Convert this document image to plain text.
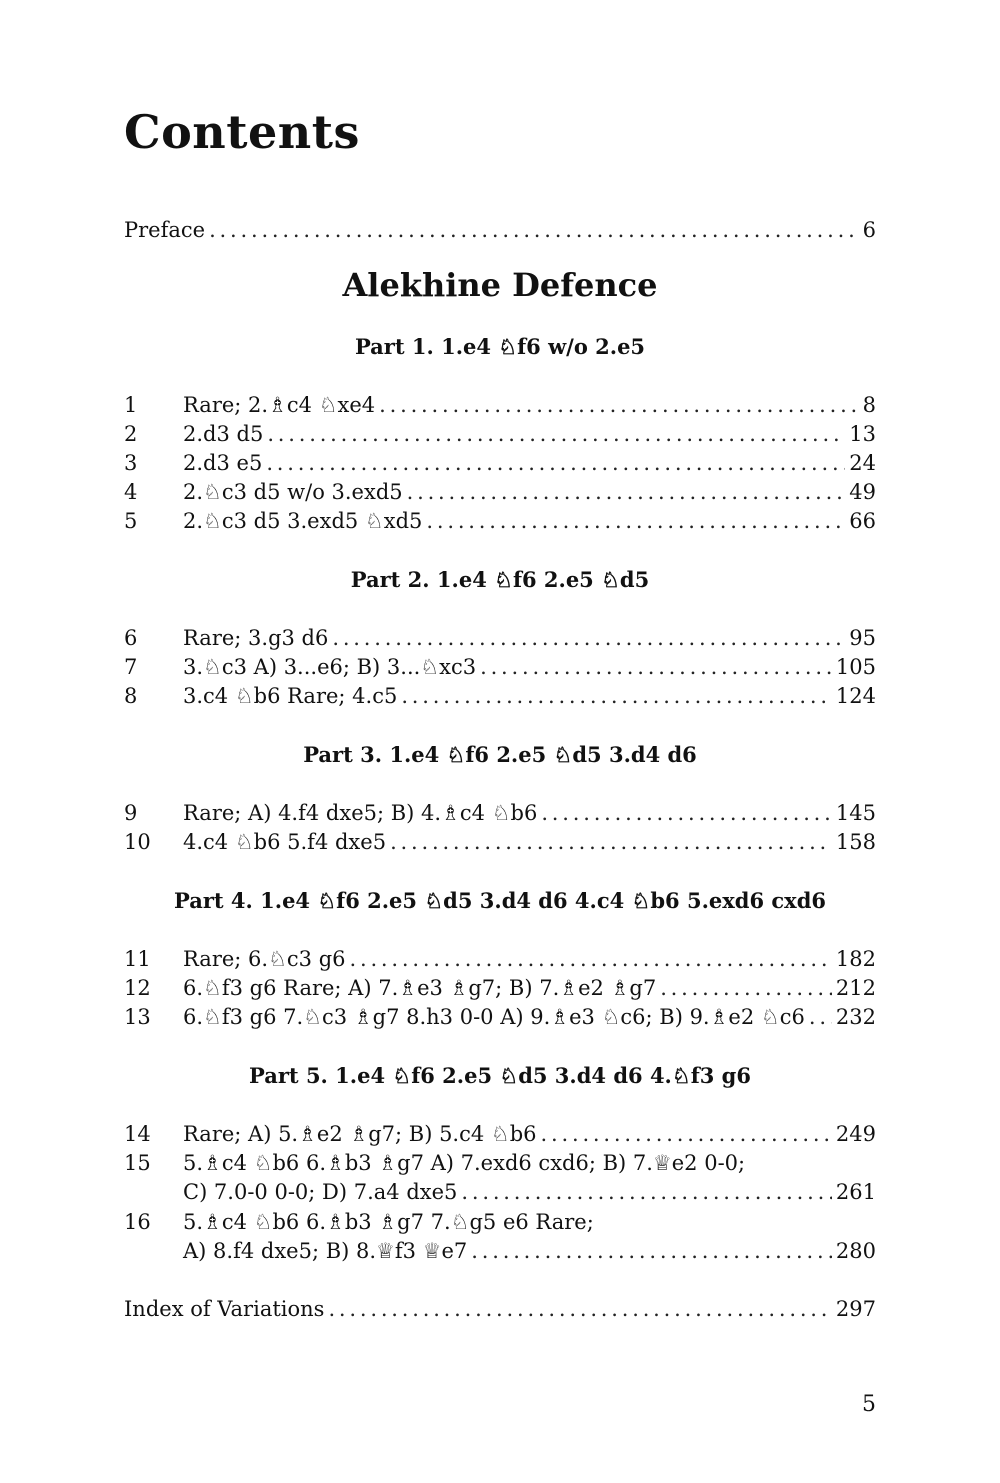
Contents
Preface .....	6
Alekhine Defence
Part 1. 1.e4 ♘f6 w/o 2.e5
1	Rare; 2.♗c4 ♘xe4 .....	8
2	2.d3 d5 .....	13
3	2.d3 e5 .....	24
4	2.♘c3 d5 w/o 3.exd5 .....	49
5	2.♘c3 d5 3.exd5 ♘xd5 .....	66
Part 2. 1.e4 ♘f6 2.e5 ♘d5
6	Rare; 3.g3 d6 .....	95
7	3.♘c3 A) 3...e6; B) 3...♘xc3 .....	105
8	3.c4 ♘b6 Rare; 4.c5 .....	124
Part 3. 1.e4 ♘f6 2.e5 ♘d5 3.d4 d6
9	Rare; A) 4.f4 dxe5; B) 4.♗c4 ♘b6 .....	145
10	4.c4 ♘b6 5.f4 dxe5 .....	158
Part 4. 1.e4 ♘f6 2.e5 ♘d5 3.d4 d6 4.c4 ♘b6 5.exd6 cxd6
11	Rare; 6.♘c3 g6 .....	182
12	6.♘f3 g6 Rare; A) 7.♗e3 ♗g7; B) 7.♗e2 ♗g7 .....	212
13	6.♘f3 g6 7.♘c3 ♗g7 8.h3 0-0 A) 9.♗e3 ♘c6; B) 9.♗e2 ♘c6 ..... 232
Part 5. 1.e4 ♘f6 2.e5 ♘d5 3.d4 d6 4.♘f3 g6
14	Rare; A) 5.♗e2 ♗g7; B) 5.c4 ♘b6 .....	249
15	5.♗c4 ♘b6 6.♗b3 ♗g7 A) 7.exd6 cxd6; B) 7.♕e2 0-0;
C) 7.0-0 0-0; D) 7.a4 dxe5 .....	261
16	5.♗c4 ♘b6 6.♗b3 ♗g7 7.♘g5 e6 Rare;
A) 8.f4 dxe5; B) 8.♕f3 ♕e7 .....	280
Index of Variations .....	297
5
